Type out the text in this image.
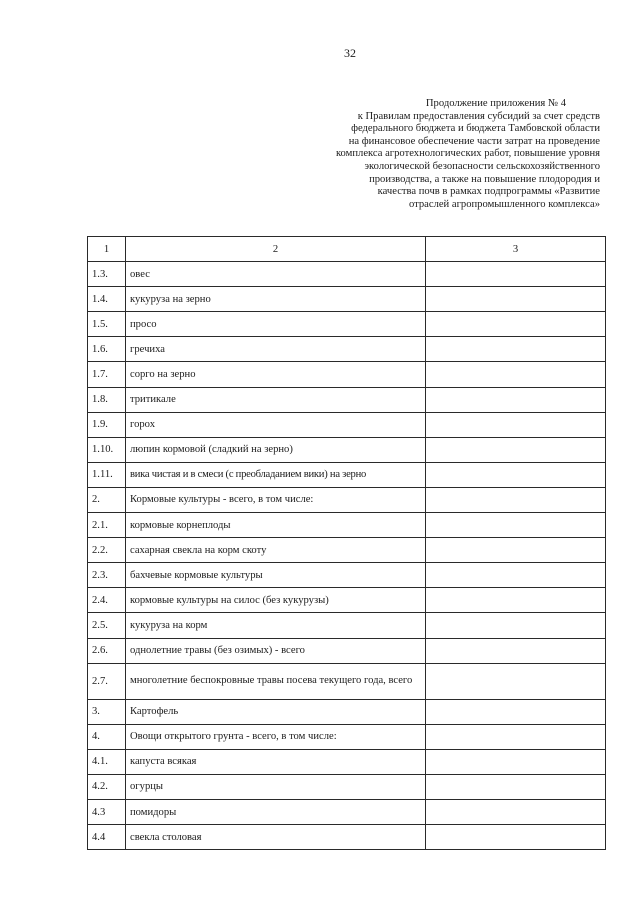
32
Продолжение приложения № 4
к Правилам предоставления субсидий за счет средств
федерального бюджета и бюджета Тамбовской области
на финансовое обеспечение части затрат на проведение
комплекса агротехнологических работ, повышение уровня
экологической безопасности сельскохозяйственного
производства, а также на повышение плодородия и
качества почв в рамках подпрограммы «Развитие
отраслей агропромышленного комплекса»
1	2	3
1.3.	овес	
1.4.	кукуруза на зерно	
1.5.	просо	
1.6.	гречиха	
1.7.	сорго на зерно	
1.8.	тритикале	
1.9.	горох	
1.10.	люпин кормовой (сладкий на зерно)	
1.11.	вика чистая и в смеси (с преобладанием вики) на зерно	
2.	Кормовые культуры - всего, в том числе:	
2.1.	кормовые корнеплоды	
2.2.	сахарная свекла на корм скоту	
2.3.	бахчевые кормовые культуры	
2.4.	кормовые культуры на силос (без кукурузы)	
2.5.	кукуруза на корм	
2.6.	однолетние травы (без озимых) - всего	
2.7.	многолетние беспокровные травы посева текущего года, всего	
3.	Картофель	
4.	Овощи открытого грунта - всего, в том числе:	
4.1.	капуста всякая	
4.2.	огурцы	
4.3	помидоры	
4.4	свекла столовая	
